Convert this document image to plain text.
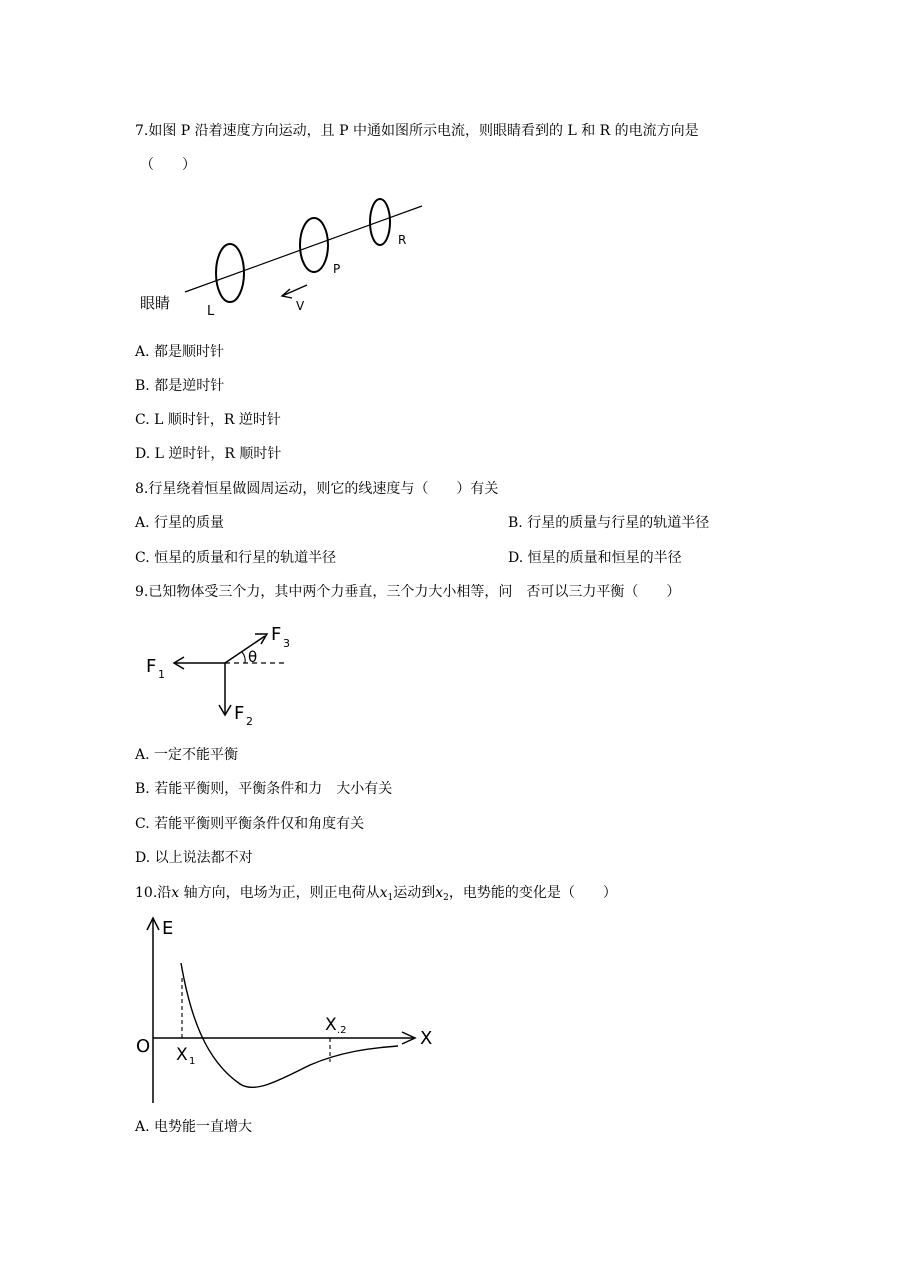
7.如图 P 沿着速度方向运动，且 P 中通如图所示电流，则眼睛看到的 L 和 R 的电流方向是
（　　）
眼睛	L
P
R
V
A. 都是顺时针
B. 都是逆时针
C. L 顺时针，R 逆时针
D. L 逆时针，R 顺时针
8.行星绕着恒星做圆周运动，则它的线速度与（　　）有关
A. 行星的质量	B. 行星的质量与行星的轨道半径
C. 恒星的质量和行星的轨道半径	D. 恒星的质量和恒星的半径
9.已知物体受三个力，其中两个力垂直，三个力大小相等，问　否可以三力平衡（　　）
θ
F 1
F 2
F 3
A. 一定不能平衡
B. 若能平衡则，平衡条件和力　大小有关
C. 若能平衡则平衡条件仅和角度有关
D. 以上说法都不对
10.沿x 轴方向，电场为正，则正电荷从$x_1$运动到$x_2$，电势能的变化是（　　）
E
O	X
X 1
X .2
A. 电势能一直增大
